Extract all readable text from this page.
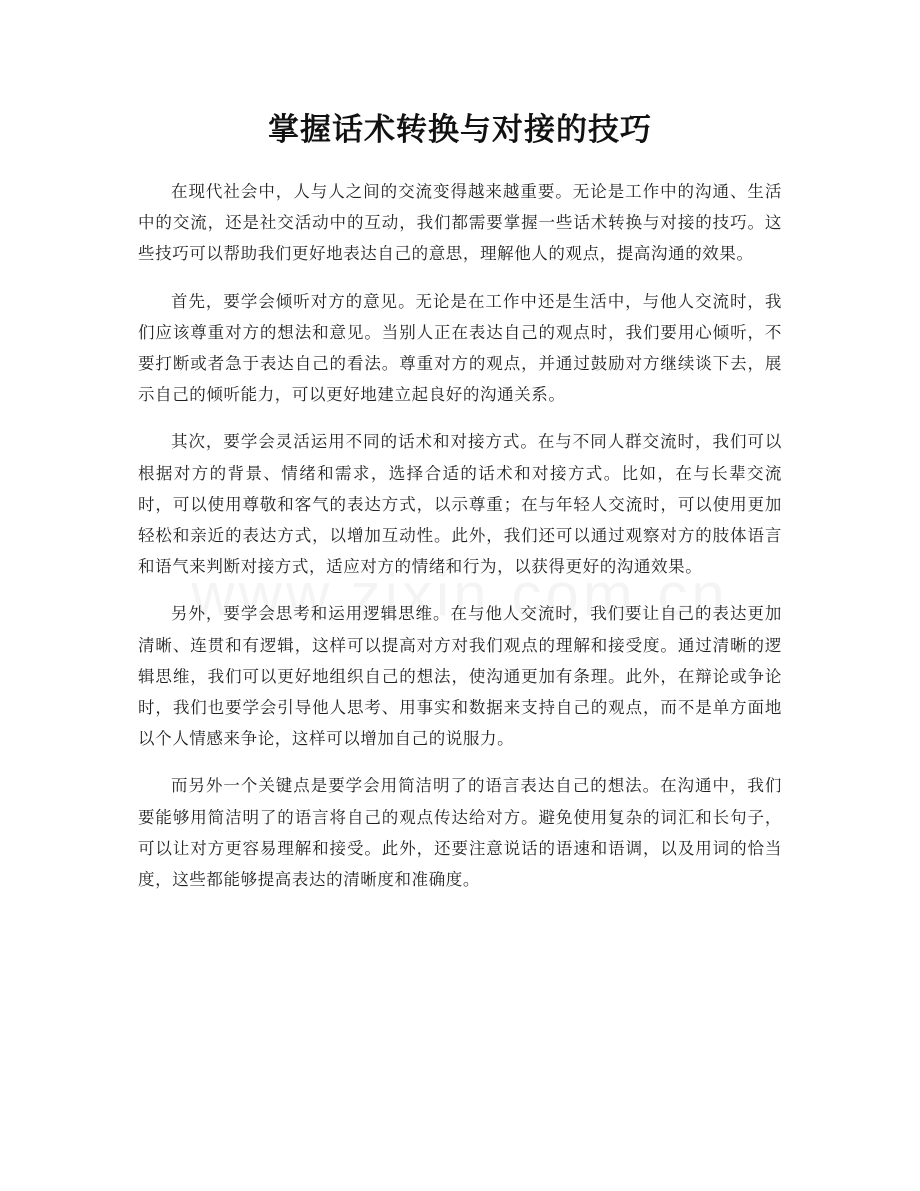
掌握话术转换与对接的技巧

在现代社会中，人与人之间的交流变得越来越重要。无论是工作中的沟通、生活中的交流，还是社交活动中的互动，我们都需要掌握一些话术转换与对接的技巧。这些技巧可以帮助我们更好地表达自己的意思，理解他人的观点，提高沟通的效果。

首先，要学会倾听对方的意见。无论是在工作中还是生活中，与他人交流时，我们应该尊重对方的想法和意见。当别人正在表达自己的观点时，我们要用心倾听，不要打断或者急于表达自己的看法。尊重对方的观点，并通过鼓励对方继续谈下去，展示自己的倾听能力，可以更好地建立起良好的沟通关系。

其次，要学会灵活运用不同的话术和对接方式。在与不同人群交流时，我们可以根据对方的背景、情绪和需求，选择合适的话术和对接方式。比如，在与长辈交流时，可以使用尊敬和客气的表达方式，以示尊重；在与年轻人交流时，可以使用更加轻松和亲近的表达方式，以增加互动性。此外，我们还可以通过观察对方的肢体语言和语气来判断对接方式，适应对方的情绪和行为，以获得更好的沟通效果。

另外，要学会思考和运用逻辑思维。在与他人交流时，我们要让自己的表达更加清晰、连贯和有逻辑，这样可以提高对方对我们观点的理解和接受度。通过清晰的逻辑思维，我们可以更好地组织自己的想法，使沟通更加有条理。此外，在辩论或争论时，我们也要学会引导他人思考、用事实和数据来支持自己的观点，而不是单方面地以个人情感来争论，这样可以增加自己的说服力。

而另外一个关键点是要学会用简洁明了的语言表达自己的想法。在沟通中，我们要能够用简洁明了的语言将自己的观点传达给对方。避免使用复杂的词汇和长句子，可以让对方更容易理解和接受。此外，还要注意说话的语速和语调，以及用词的恰当度，这些都能够提高表达的清晰度和准确度。
